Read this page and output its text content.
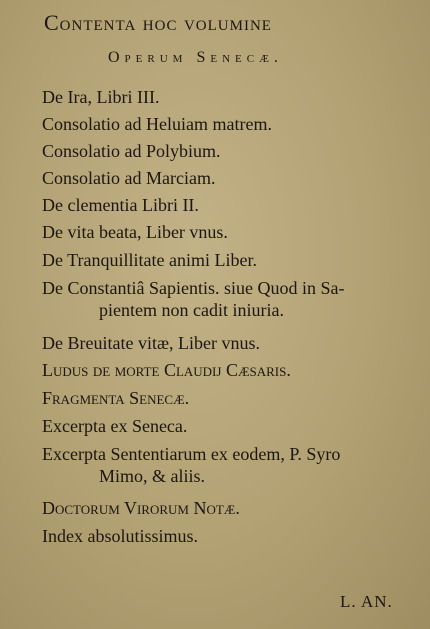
Contenta hoc volumine
Operum Senecæ.
De Ira, Libri III.
Consolatio ad Heluiam matrem.
Consolatio ad Polybium.
Consolatio ad Marciam.
De clementia Libri II.
De vita beata, Liber vnus.
De Tranquillitate animi Liber.
De Constantiâ Sapientis. siue Quod in Sa-
pientem non cadit iniuria.
De Breuitate vitæ, Liber vnus.
Ludus de morte Claudij Cæsaris.
Fragmenta Senecæ.
Excerpta ex Seneca.
Excerpta Sententiarum ex eodem, P. Syro
Mimo, & aliis.
Doctorum Virorum Notæ.
Index absolutissimus.
L. AN.
